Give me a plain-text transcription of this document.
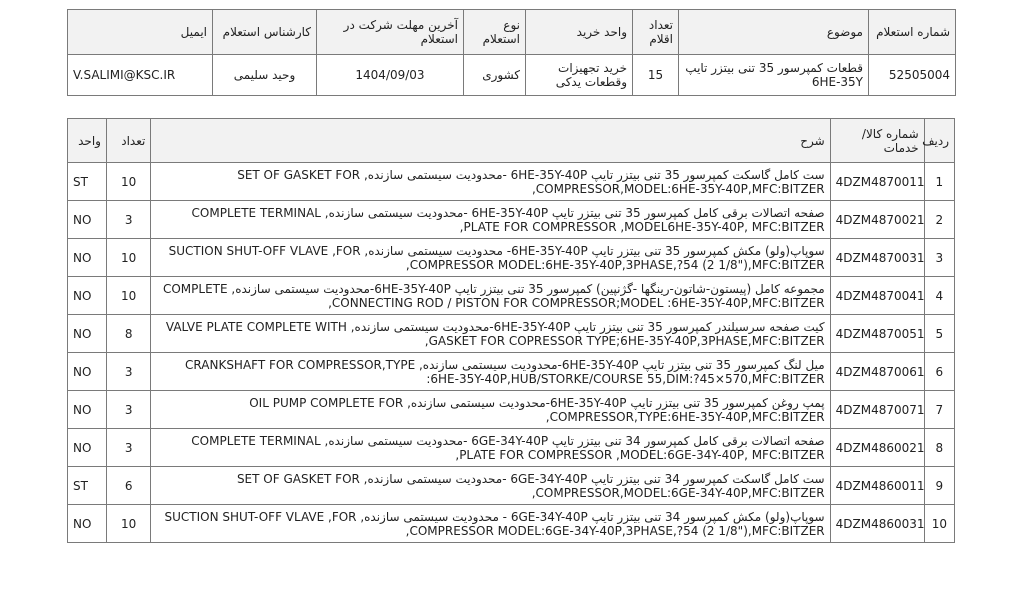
شماره استعلام	موضوع	تعداد اقلام	واحد خرید	نوع استعلام	آخرین مهلت شرکت در استعلام	کارشناس استعلام	ایمیل
52505004	قطعات کمپرسور 35 تنی بیتزر تایپ 6HE-35Y	15	خرید تجهیزات وقطعات یدکی	کشوری	1404/09/03	وحید سلیمی	V.SALIMI@KSC.IR
ردیف	شماره کالا/خدمات	شرح	تعداد	واحد
1	4DZM4870011	ست کامل گاسکت کمپرسور 35 تنی بیتزر تایپ 6HE-35Y-40P -محدودیت سیستمی سازنده, SET OF GASKET FOR COMPRESSOR,MODEL:6HE-35Y-40P,MFC:BITZER,	10	ST
2	4DZM4870021	صفحه اتصالات برقی کامل کمپرسور 35 تنی بیتزر تایپ 6HE-35Y-40P -محدودیت سیستمی سازنده, COMPLETE TERMINAL PLATE FOR COMPRESSOR ,MODEL6HE-35Y-40P, MFC:BITZER,	3	NO
3	4DZM4870031	سوپاپ(ولو) مکش کمپرسور 35 تنی بیتزر تایپ 6HE-35Y-40P- محدودیت سیستمی سازنده, SUCTION SHUT-OFF VLAVE ,FOR COMPRESSOR MODEL:6HE-35Y-40P,3PHASE,?54 (2 1/8"),MFC:BITZER,	10	NO
4	4DZM4870041	مجموعه کامل (پیستون-شاتون-رینگها -گژنپین) کمپرسور 35 تنی بیتزر تایپ 6HE-35Y-40P-محدودیت سیستمی سازنده, COMPLETE CONNECTING ROD / PISTON FOR COMPRESSOR;MODEL :6HE-35Y-40P,MFC:BITZER,	10	NO
5	4DZM4870051	کیت صفحه سرسیلندر کمپرسور 35 تنی بیتزر تایپ 6HE-35Y-40P-محدودیت سیستمی سازنده, VALVE PLATE COMPLETE WITH GASKET FOR COPRESSOR TYPE;6HE-35Y-40P,3PHASE,MFC:BITZER,	8	NO
6	4DZM4870061	میل لنگ کمپرسور 35 تنی بیتزر تایپ 6HE-35Y-40P-محدودیت سیستمی سازنده, CRANKSHAFT FOR COMPRESSOR,TYPE :6HE-35Y-40P,HUB/STORKE/COURSE 55,DIM:?45×570,MFC:BITZER	3	NO
7	4DZM4870071	پمپ روغن کمپرسور 35 تنی بیتزر تایپ 6HE-35Y-40P-محدودیت سیستمی سازنده, OIL PUMP COMPLETE FOR COMPRESSOR,TYPE:6HE-35Y-40P,MFC:BITZER,	3	NO
8	4DZM4860021	صفحه اتصالات برقی کامل کمپرسور 34 تنی بیتزر تایپ 6GE-34Y-40P -محدودیت سیستمی سازنده, COMPLETE TERMINAL PLATE FOR COMPRESSOR ,MODEL:6GE-34Y-40P, MFC:BITZER,	3	NO
9	4DZM4860011	ست کامل گاسکت کمپرسور 34 تنی بیتزر تایپ 6GE-34Y-40P -محدودیت سیستمی سازنده, SET OF GASKET FOR COMPRESSOR,MODEL:6GE-34Y-40P,MFC:BITZER,	6	ST
10	4DZM4860031	سوپاپ(ولو) مکش کمپرسور 34 تنی بیتزر تایپ 6GE-34Y-40P - محدودیت سیستمی سازنده, SUCTION SHUT-OFF VLAVE ,FOR COMPRESSOR MODEL:6GE-34Y-40P,3PHASE,?54 (2 1/8"),MFC:BITZER,	10	NO
